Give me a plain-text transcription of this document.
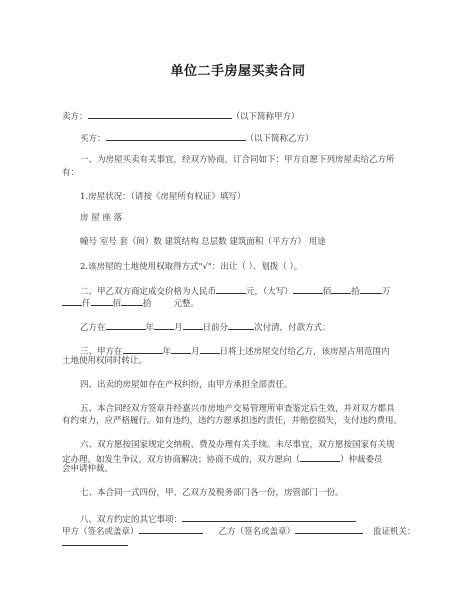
单位二手房屋买卖合同
卖方：	（以下简称甲方）
买方：	（以下简称乙方）
一、为房屋买卖有关事宜，经双方协商，订合同如下：甲方自愿下列房屋卖给乙方所
有：
1.房屋状况：（请按《房屋所有权证》填写）
房 屋 座 落
幢号 室号 套（间）数 建筑结构 总层数 建筑面积（平方方） 用途
2.该房屋的土地使用权取得方式"√"：出让（ ）、划拨（ ）。
二、甲乙双方商定成交价格为人民币	元，（大写）	佰 拾	万
仟	佰	拾	元整。
乙方在	年 月 日前分	次付清，付款方式：
三、甲方在	年 月 日将上述房屋交付给乙方，该房屋占用范围内
土地使用权同时转让。
四、出卖的房屋如存在产权纠纷，由甲方承担全部责任。
五、本合同经双方签章并经嘉兴市房地产交易管理所审查鉴定后生效，并对双方都具
有约束力，应严格履行。如有违约，违约方愿承担违约责任，并赔偿损失，支付违约费用。
六、双方愿按国家规定交纳税、费及办理有关手续。未尽事宜，双方愿按国家有关规
定办理。如发生争议，双方协商解决；协商不成的，双方愿向（	）仲裁委员
会申请仲裁。
七、本合同一式四份，甲、乙双方及税务部门各一份，房管部门一份。
八、双方约定的其它事项：
甲方（签名或盖章）	乙方（签名或盖章）	监证机关：
